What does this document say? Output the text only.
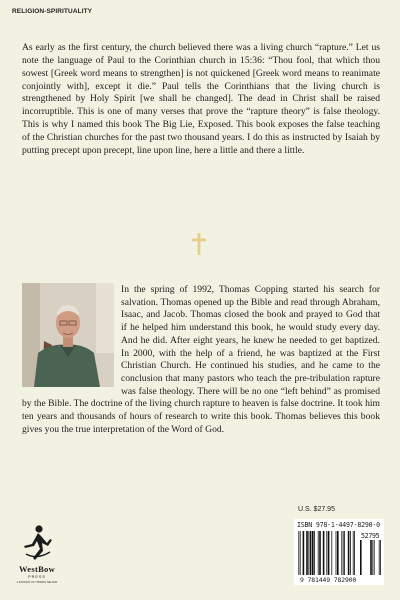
RELIGION-SPIRITUALITY

As early as the first century, the church believed there was a living church “rapture.” Let us note the language of Paul to the Corinthian church in 15:36: “Thou fool, that which thou sowest [Greek word means to strengthen] is not quickened [Greek word means to reanimate conjointly with], except it die.” Paul tells the Corinthians that the living church is strengthened by Holy Spirit [we shall be changed]. The dead in Christ shall be raised incorruptible. This is one of many verses that prove the “rapture theory” is false theology. This is why I named this book The Big Lie, Exposed. This book exposes the false teaching of the Christian churches for the past two thousand years. I do this as instructed by Isaiah by putting precept upon precept, line upon line, here a little and there a little.

In the spring of 1992, Thomas Copping started his search for salvation. Thomas opened up the Bible and read through Abraham, Isaac, and Jacob. Thomas closed the book and prayed to God that if he helped him understand this book, he would study every day. And he did. After eight years, he knew he needed to get baptized. In 2000, with the help of a friend, he was baptized at the First Christian Church. He continued his studies, and he came to the conclusion that many pastors who teach the pre-tribulation rapture was false theology. There will be no one “left behind” as promised by the Bible. The doctrine of the living church rapture to heaven is false doctrine. It took him ten years and thousands of hours of research to write this book. Thomas believes this book gives you the true interpretation of the Word of God.

U.S. $27.95
ISBN 978-1-4497-8290-0
52795
9 781449 782900
WestBow
PRESS
A DIVISION OF THOMAS NELSON
